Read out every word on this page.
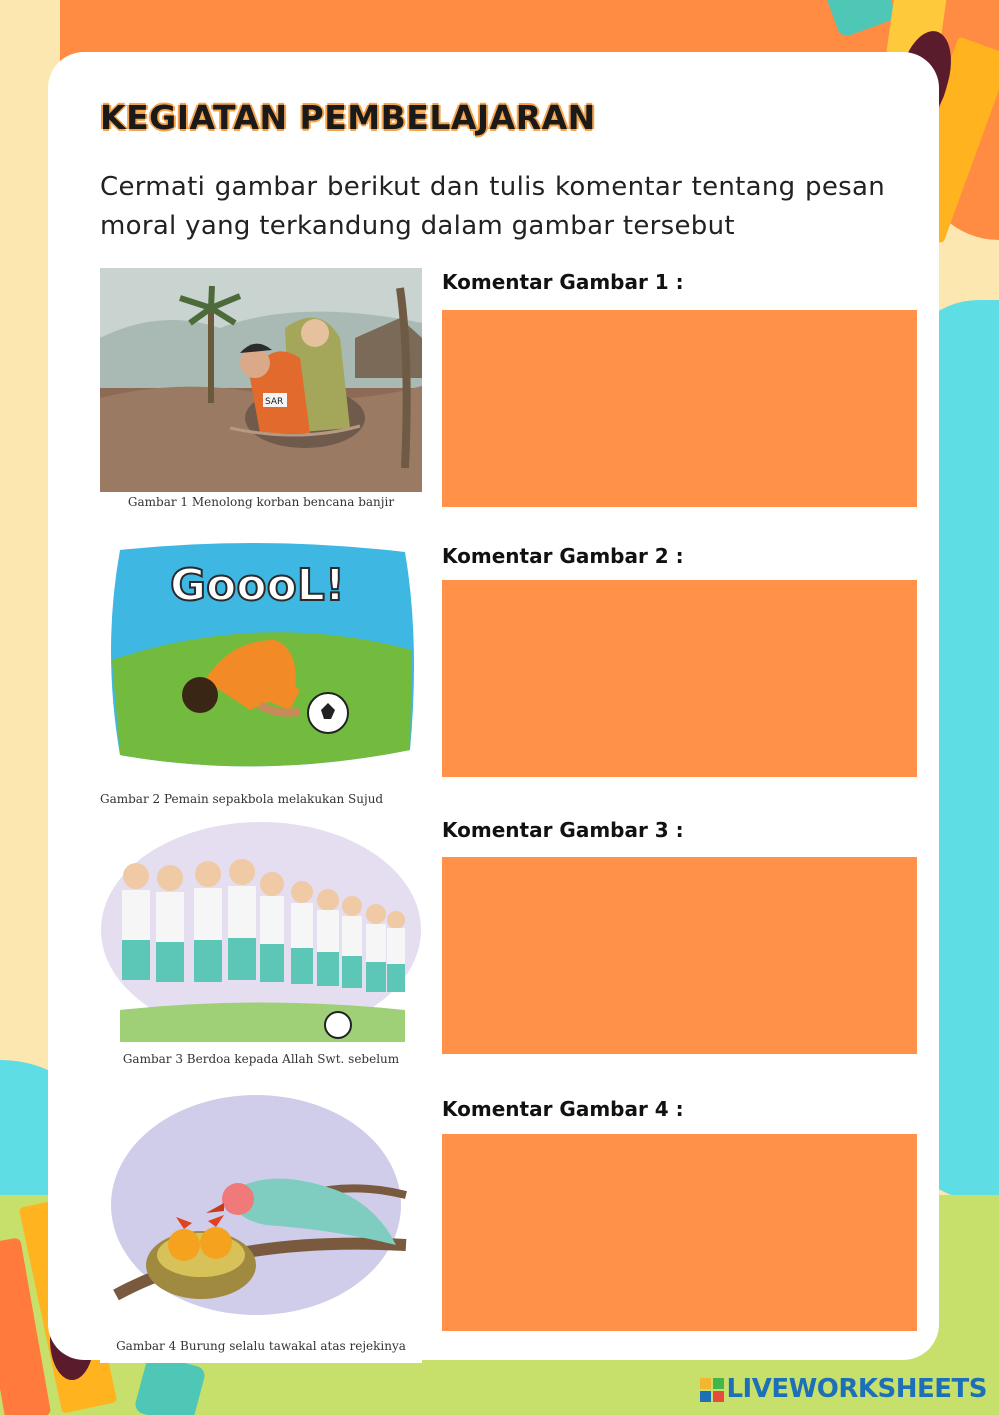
KEGIATAN PEMBELAJARAN

Cermati gambar berikut dan tulis komentar tentang pesan moral yang terkandung dalam gambar tersebut

SAR
Gambar 1 Menolong korban bencana banjir

Komentar Gambar 1 :

GoooL!
Gambar 2 Pemain sepakbola melakukan Sujud

Komentar Gambar 2 :

Gambar 3 Berdoa kepada Allah Swt. sebelum

Komentar Gambar 3 :

Gambar 4 Burung selalu tawakal atas rejekinya

Komentar Gambar 4 :

LIVEWORKSHEETS
